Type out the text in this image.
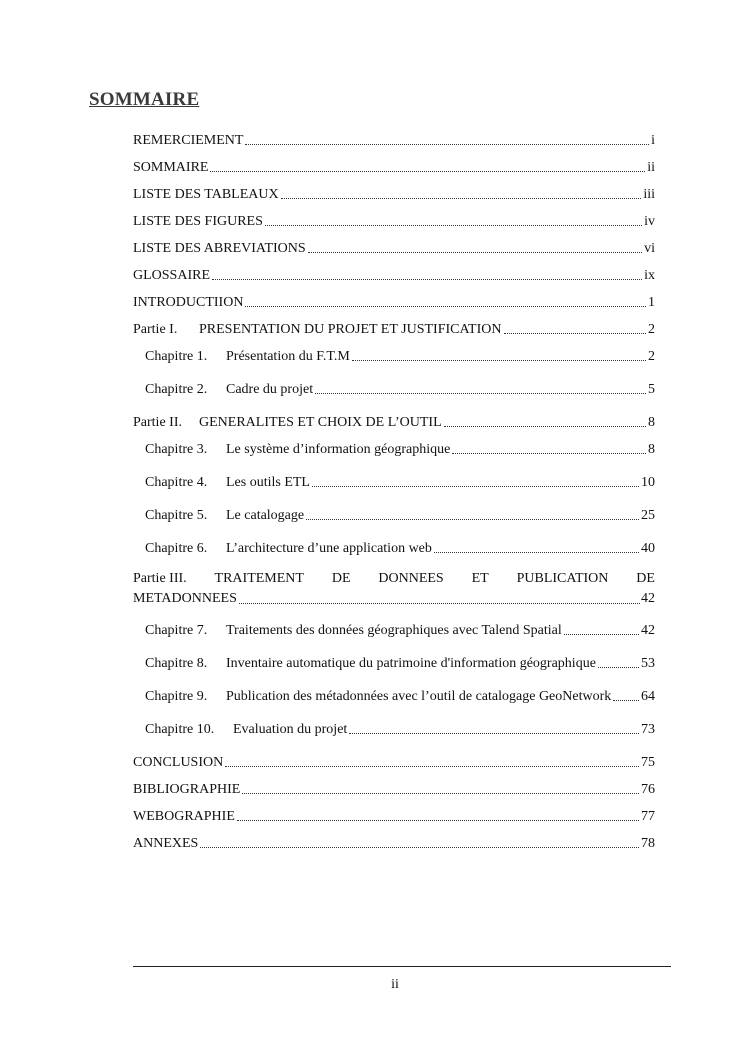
SOMMAIRE
REMERCIEMENT	i
SOMMAIRE	ii
LISTE DES TABLEAUX	iii
LISTE DES FIGURES	iv
LISTE DES ABREVIATIONS	vi
GLOSSAIRE	ix
INTRODUCTIION	1
Partie I.	PRESENTATION DU PROJET ET JUSTIFICATION	2
Chapitre 1.	Présentation du F.T.M	2
Chapitre 2.	Cadre du projet	5
Partie II.	GENERALITES ET CHOIX DE L’OUTIL	8
Chapitre 3.	Le système d’information géographique	8
Chapitre 4.	Les outils ETL	10
Chapitre 5.	Le catalogage	25
Chapitre 6.	L’architecture d’une application web	40
Partie III. TRAITEMENT DE DONNEES ET PUBLICATION DE
METADONNEES	42
Chapitre 7.	Traitements des données géographiques avec Talend Spatial	42
Chapitre 8.	Inventaire automatique du patrimoine d'information géographique	53
Chapitre 9.	Publication des métadonnées avec l’outil de catalogage GeoNetwork 64
Chapitre 10.	Evaluation du projet	73
CONCLUSION	75
BIBLIOGRAPHIE	76
WEBOGRAPHIE	77
ANNEXES	78
ii
